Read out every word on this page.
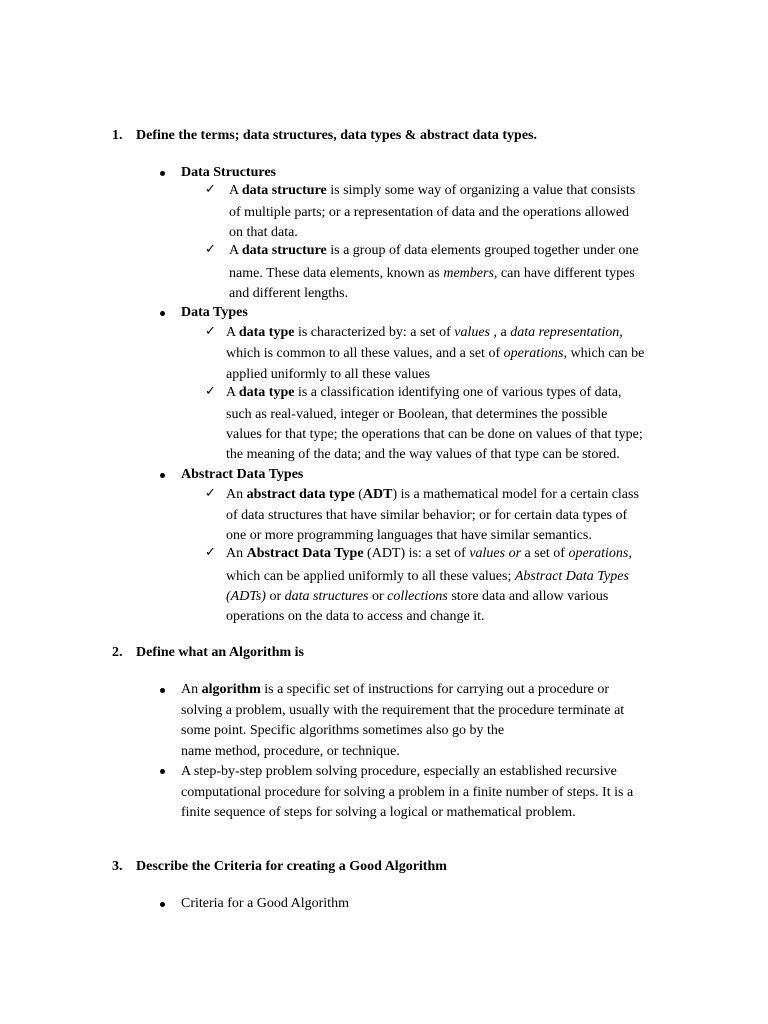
1. Define the terms; data structures, data types & abstract data types.
Data Structures
✓ A data structure is simply some way of organizing a value that consists
of multiple parts; or a representation of data and the operations allowed
on that data.
✓ A data structure is a group of data elements grouped together under one
name. These data elements, known as members, can have different types
and different lengths.
Data Types
✓ A data type is characterized by: a set of values , a data representation,
which is common to all these values, and a set of operations, which can be
applied uniformly to all these values
✓ A data type is a classification identifying one of various types of data,
such as real-valued, integer or Boolean, that determines the possible
values for that type; the operations that can be done on values of that type;
the meaning of the data; and the way values of that type can be stored.
Abstract Data Types
✓ An abstract data type (ADT) is a mathematical model for a certain class
of data structures that have similar behavior; or for certain data types of
one or more programming languages that have similar semantics.
✓ An Abstract Data Type (ADT) is: a set of values or a set of operations,
which can be applied uniformly to all these values; Abstract Data Types
(ADTs) or data structures or collections store data and allow various
operations on the data to access and change it.
2. Define what an Algorithm is
An algorithm is a specific set of instructions for carrying out a procedure or
solving a problem, usually with the requirement that the procedure terminate at
some point. Specific algorithms sometimes also go by the
name method, procedure, or technique.
A step-by-step problem solving procedure, especially an established recursive
computational procedure for solving a problem in a finite number of steps. It is a
finite sequence of steps for solving a logical or mathematical problem.
3. Describe the Criteria for creating a Good Algorithm
Criteria for a Good Algorithm
